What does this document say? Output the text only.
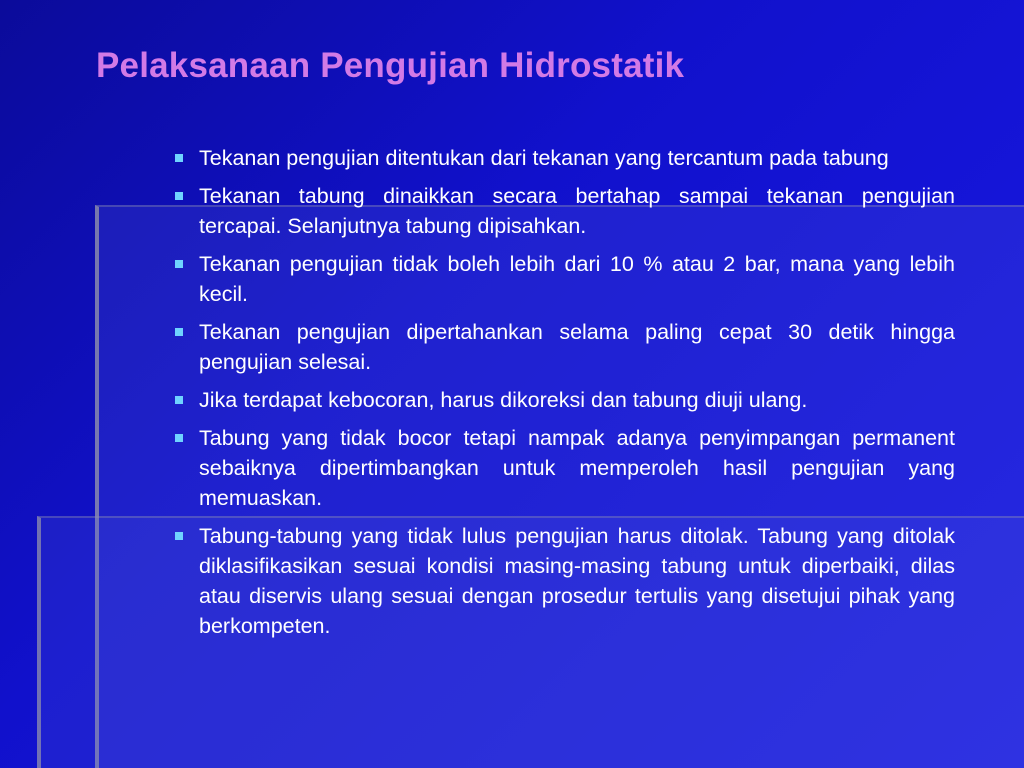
Pelaksanaan Pengujian Hidrostatik
Tekanan pengujian ditentukan dari tekanan yang tercantum pada tabung
Tekanan tabung dinaikkan secara bertahap sampai tekanan pengujian tercapai. Selanjutnya tabung dipisahkan.
Tekanan pengujian tidak boleh lebih dari 10 % atau 2 bar, mana yang lebih kecil.
Tekanan pengujian dipertahankan selama paling cepat 30 detik hingga pengujian selesai.
Jika terdapat kebocoran, harus dikoreksi dan tabung diuji ulang.
Tabung yang tidak bocor tetapi nampak adanya penyimpangan permanent sebaiknya dipertimbangkan untuk memperoleh hasil pengujian yang memuaskan.
Tabung-tabung yang tidak lulus pengujian harus ditolak. Tabung yang ditolak diklasifikasikan sesuai kondisi masing-masing tabung untuk diperbaiki, dilas atau diservis ulang sesuai dengan prosedur tertulis yang disetujui pihak yang berkompeten.
